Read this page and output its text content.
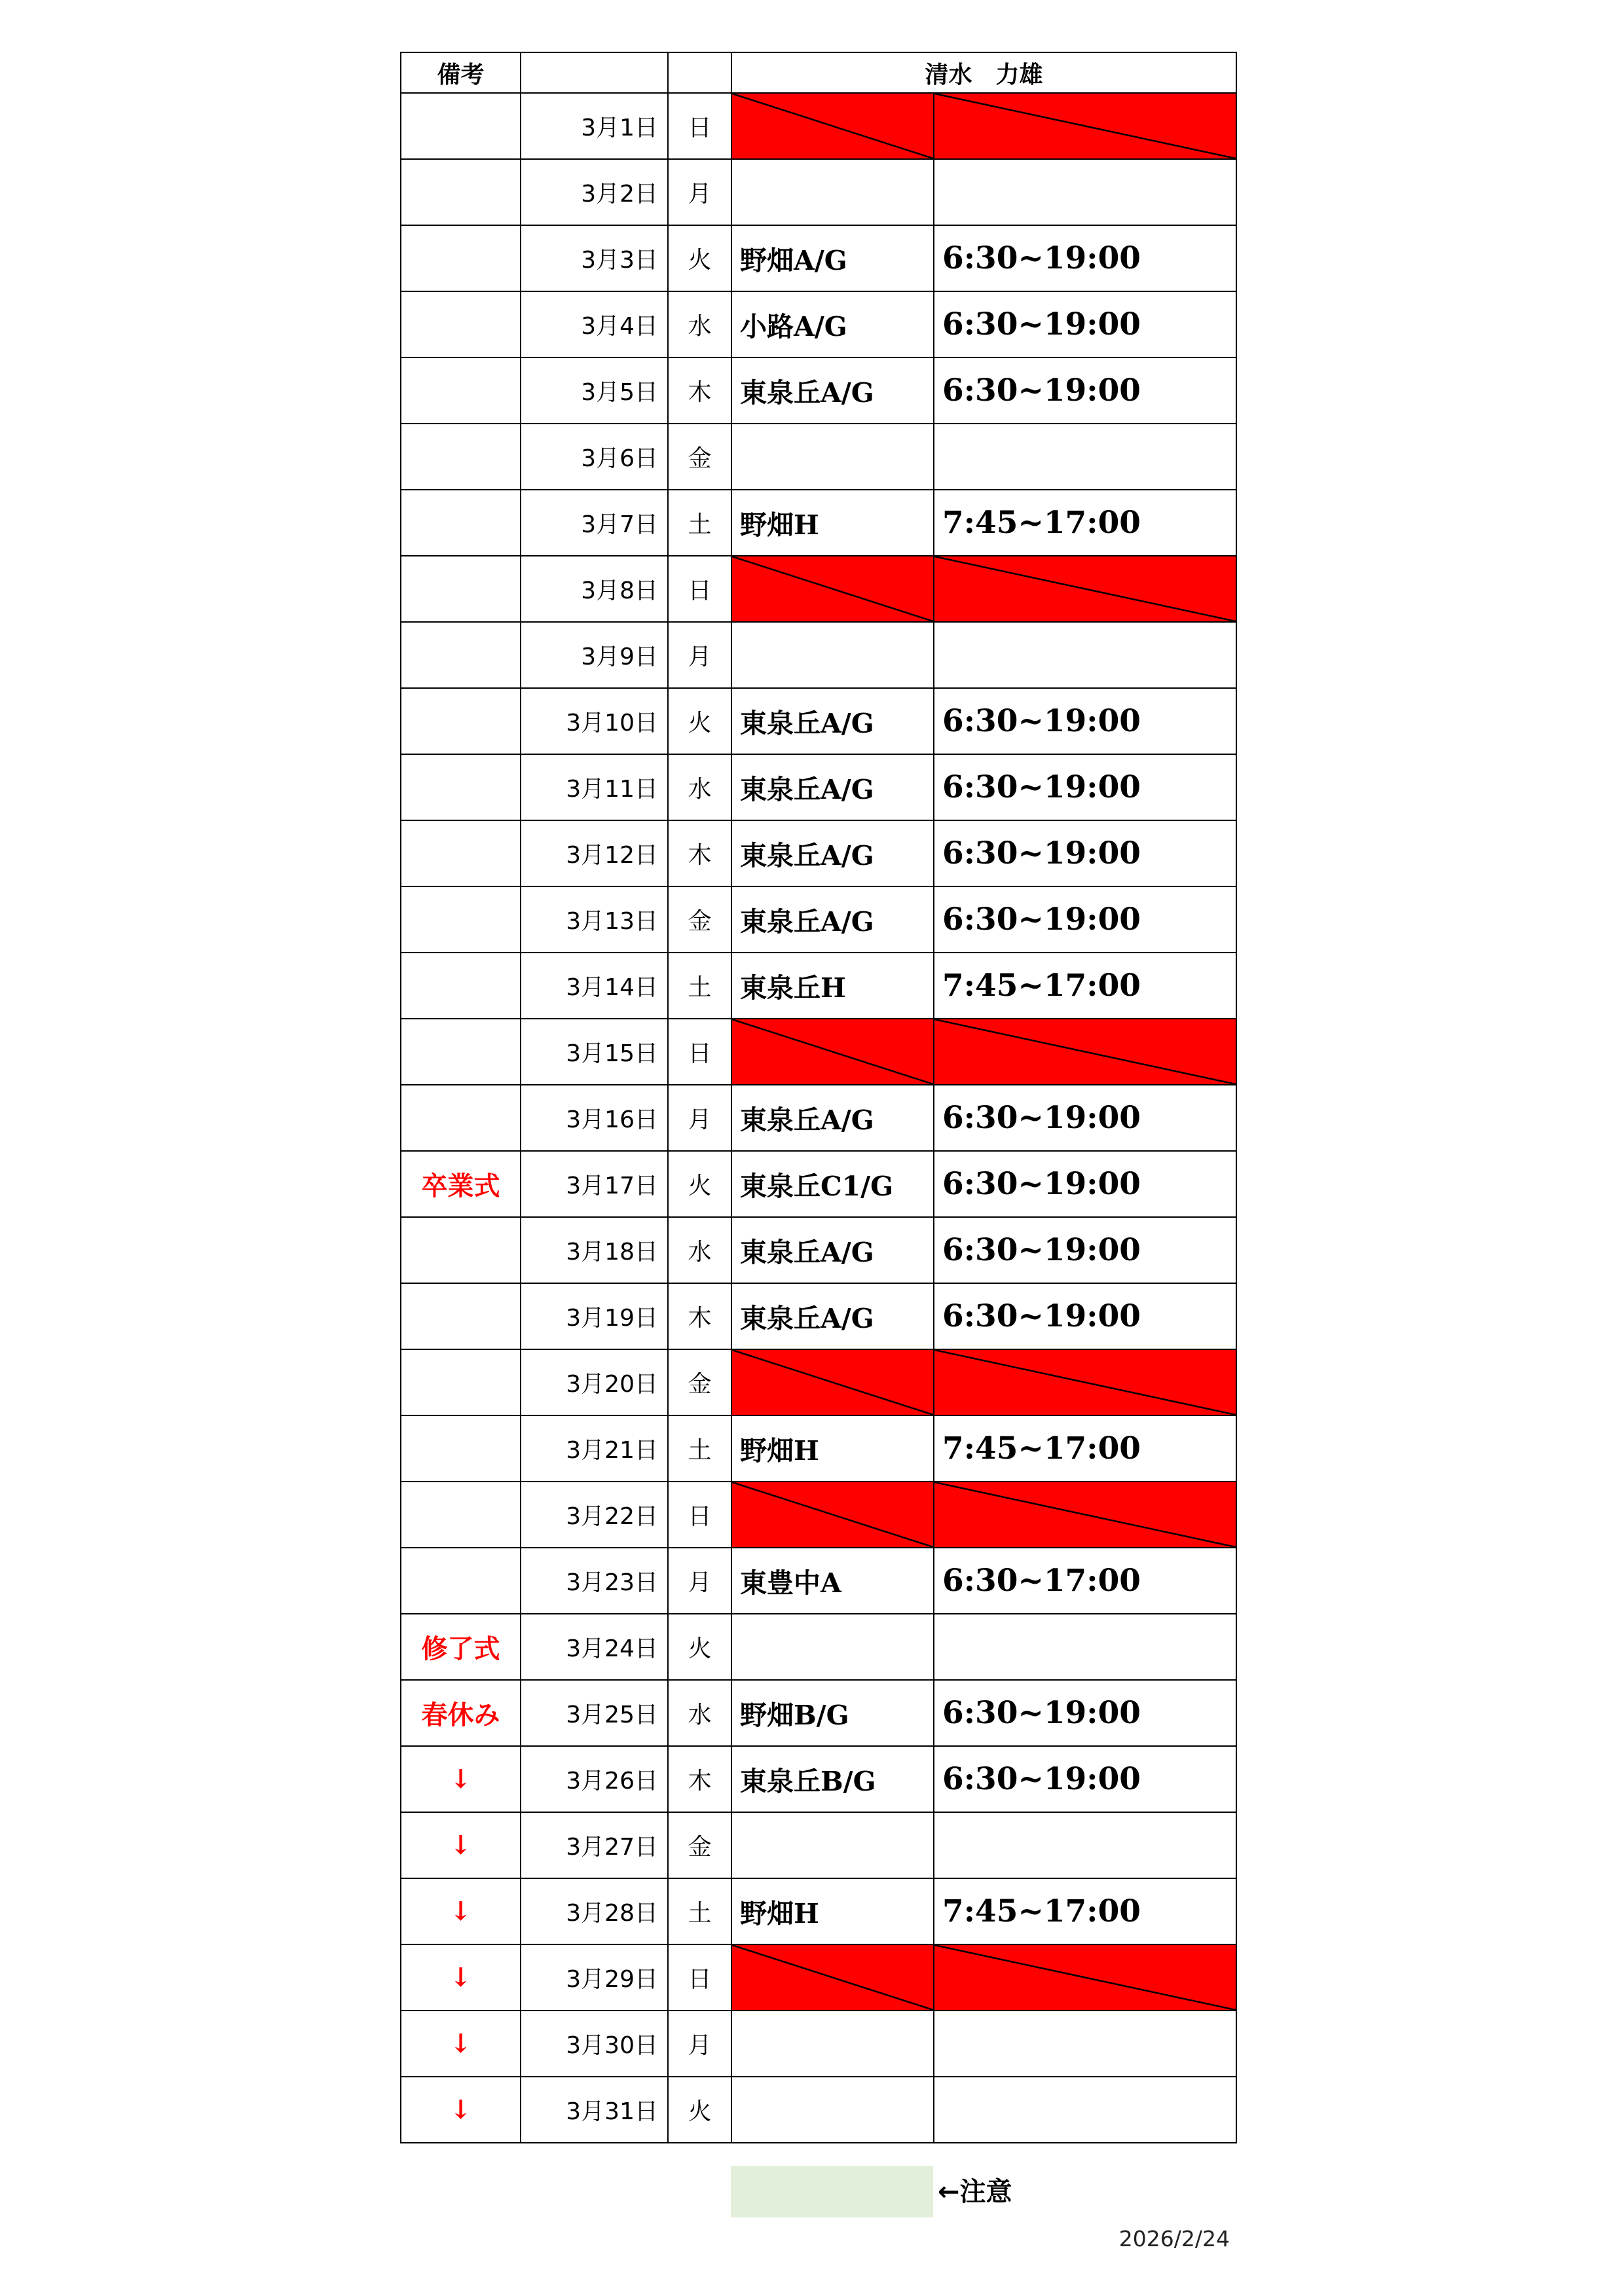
備考			清水　力雄	
	3月1日	日	

	3月2日	月		
	3月3日	火	野畑A/G	6:30~19:00
	3月4日	水	小路A/G	6:30~19:00
	3月5日	木	東泉丘A/G	6:30~19:00
	3月6日	金		
	3月7日	土	野畑H	7:45~17:00
	3月8日	日	

	3月9日	月		
	3月10日	火	東泉丘A/G	6:30~19:00
	3月11日	水	東泉丘A/G	6:30~19:00
	3月12日	木	東泉丘A/G	6:30~19:00
	3月13日	金	東泉丘A/G	6:30~19:00
	3月14日	土	東泉丘H	7:45~17:00
	3月15日	日	

	3月16日	月	東泉丘A/G	6:30~19:00
卒業式	3月17日	火	東泉丘C1/G	6:30~19:00
	3月18日	水	東泉丘A/G	6:30~19:00
	3月19日	木	東泉丘A/G	6:30~19:00
	3月20日	金	

	3月21日	土	野畑H	7:45~17:00
	3月22日	日	

	3月23日	月	東豊中A	6:30~17:00
修了式	3月24日	火		
春休み	3月25日	水	野畑B/G	6:30~19:00
↓	3月26日	木	東泉丘B/G	6:30~19:00
↓	3月27日	金		
↓	3月28日	土	野畑H	7:45~17:00
↓	3月29日	日	

↓	3月30日	月		
↓	3月31日	火		
←注意
2026/2/24
